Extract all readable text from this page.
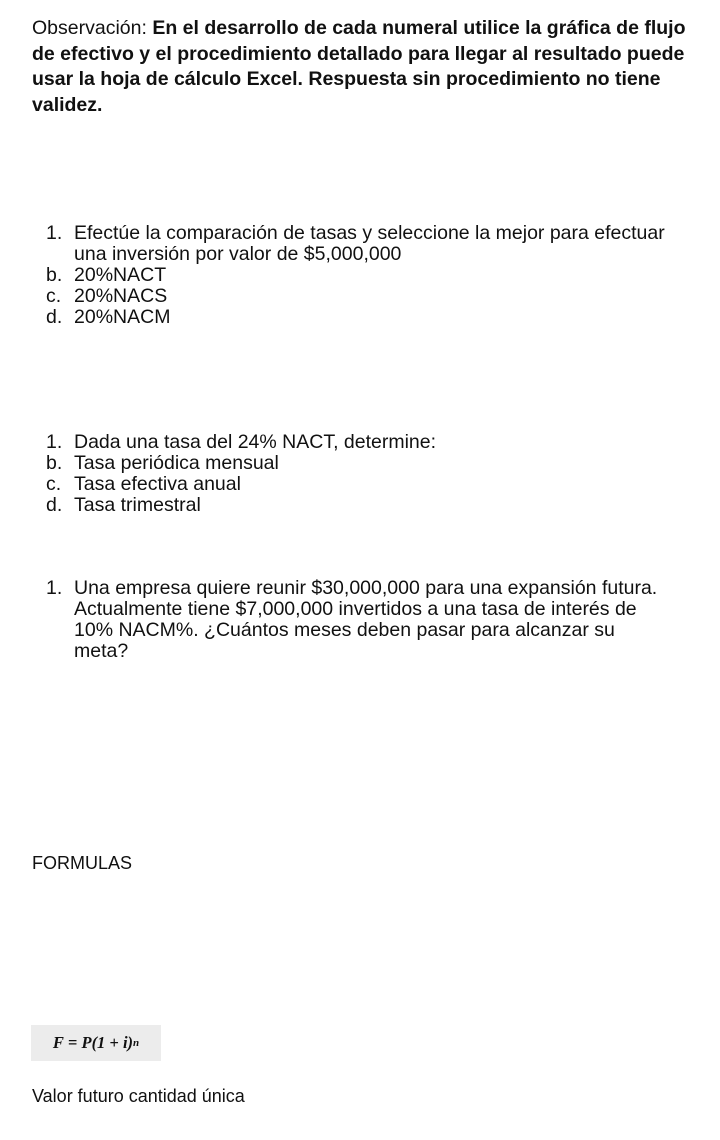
Observación: En el desarrollo de cada numeral utilice la gráfica de flujo de efectivo y el procedimiento detallado para llegar al resultado puede usar la hoja de cálculo Excel. Respuesta sin procedimiento no tiene validez.
1. Efectúe la comparación de tasas y seleccione la mejor para efectuar una inversión por valor de $5,000,000
b. 20%NACT
c. 20%NACS
d. 20%NACM
1. Dada una tasa del 24% NACT, determine:
b. Tasa periódica mensual
c. Tasa efectiva anual
d. Tasa trimestral
1. Una empresa quiere reunir $30,000,000 para una expansión futura. Actualmente tiene $7,000,000 invertidos a una tasa de interés de 10% NACM%. ¿Cuántos meses deben pasar para alcanzar su meta?
FORMULAS
F = P(1 + i) n
Valor futuro cantidad única
